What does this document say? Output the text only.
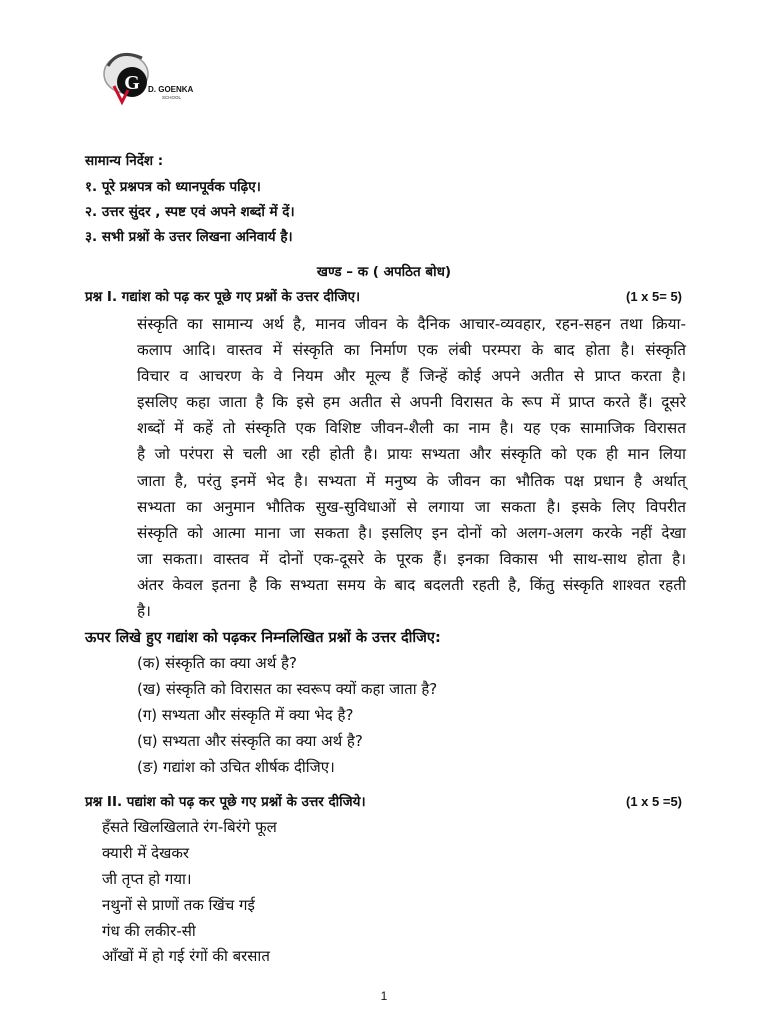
G D. GOENKA
SCHOOL
सामान्य निर्देश :
१. पूरे प्रश्नपत्र को ध्यानपूर्वक पढ़िए।
२. उत्तर सुंदर , स्पष्ट एवं अपने शब्दों में दें।
३. सभी प्रश्नों के उत्तर लिखना अनिवार्य है।
खण्ड – क ( अपठित बोध)
प्रश्न I. गद्यांश को पढ़ कर पूछे गए प्रश्नों के उत्तर दीजिए।	(1 x 5= 5)
संस्कृति का सामान्य अर्थ है, मानव जीवन के दैनिक आचार-व्यवहार, रहन-सहन तथा क्रिया-
कलाप आदि। वास्तव में संस्कृति का निर्माण एक लंबी परम्परा के बाद होता है। संस्कृति
विचार व आचरण के वे नियम और मूल्य हैं जिन्हें कोई अपने अतीत से प्राप्त करता है।
इसलिए कहा जाता है कि इसे हम अतीत से अपनी विरासत के रूप में प्राप्त करते हैं। दूसरे
शब्दों में कहें तो संस्कृति एक विशिष्ट जीवन-शैली का नाम है। यह एक सामाजिक विरासत
है जो परंपरा से चली आ रही होती है। प्रायः सभ्यता और संस्कृति को एक ही मान लिया
जाता है, परंतु इनमें भेद है। सभ्यता में मनुष्य के जीवन का भौतिक पक्ष प्रधान है अर्थात्
सभ्यता का अनुमान भौतिक सुख-सुविधाओं से लगाया जा सकता है। इसके लिए विपरीत
संस्कृति को आत्मा माना जा सकता है। इसलिए इन दोनों को अलग-अलग करके नहीं देखा
जा सकता। वास्तव में दोनों एक-दूसरे के पूरक हैं। इनका विकास भी साथ-साथ होता है।
अंतर केवल इतना है कि सभ्यता समय के बाद बदलती रहती है, किंतु संस्कृति शाश्वत रहती
है।
ऊपर लिखे हुए गद्यांश को पढ़कर निम्नलिखित प्रश्नों के उत्तर दीजिए:
(क) संस्कृति का क्या अर्थ है?
(ख) संस्कृति को विरासत का स्वरूप क्यों कहा जाता है?
(ग) सभ्यता और संस्कृति में क्या भेद है?
(घ) सभ्यता और संस्कृति का क्या अर्थ है?
(ङ) गद्यांश को उचित शीर्षक दीजिए।
प्रश्न II. पद्यांश को पढ़ कर पूछे गए प्रश्नों के उत्तर दीजिये।	(1 x 5 =5)
हँसते खिलखिलाते रंग-बिरंगे फूल
क्यारी में देखकर
जी तृप्त हो गया।
नथुनों से प्राणों तक खिंच गई
गंध की लकीर-सी
आँखों में हो गई रंगों की बरसात
1
